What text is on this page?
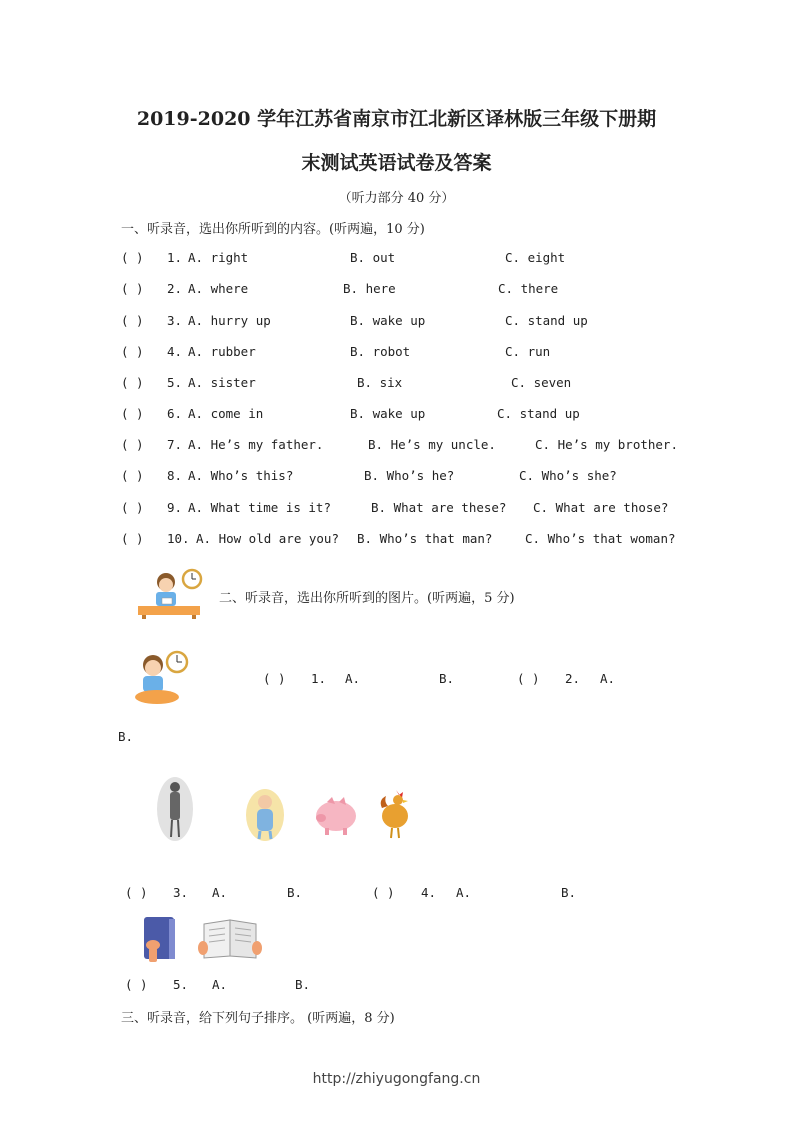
2019-2020 学年江苏省南京市江北新区译林版三年级下册期
末测试英语试卷及答案
（听力部分 40 分）
一、听录音，选出你所听到的内容。(听两遍，10 分)
( ) 1. A. right	B. out	C. eight
( ) 2. A. where	B. here	C. there
( ) 3. A. hurry up	B. wake up	C. stand up
( ) 4. A. rubber	B. robot	C. run
( ) 5. A. sister	B. six	C. seven
( ) 6. A. come in	B. wake up	C. stand up
( ) 7. A. He’s my father.	B. He’s my uncle.	C. He’s my brother.
( ) 8. A. Who’s this?	B. Who’s he?	C. Who’s she?
( ) 9. A. What time is it?	B. What are these? C. What are those?
( ) 10. A. How old are you? B. Who’s that man?	C. Who’s that woman?
二、听录音，选出你所听到的图片。(听两遍，5 分)
( ) 1. A.	B.	( ) 2. A.
B.
( ) 3. A.	B.	( ) 4. A.	B.
( ) 5. A.	B.
三、听录音，给下列句子排序。 (听两遍，8 分)
http://zhiyugongfang.cn
